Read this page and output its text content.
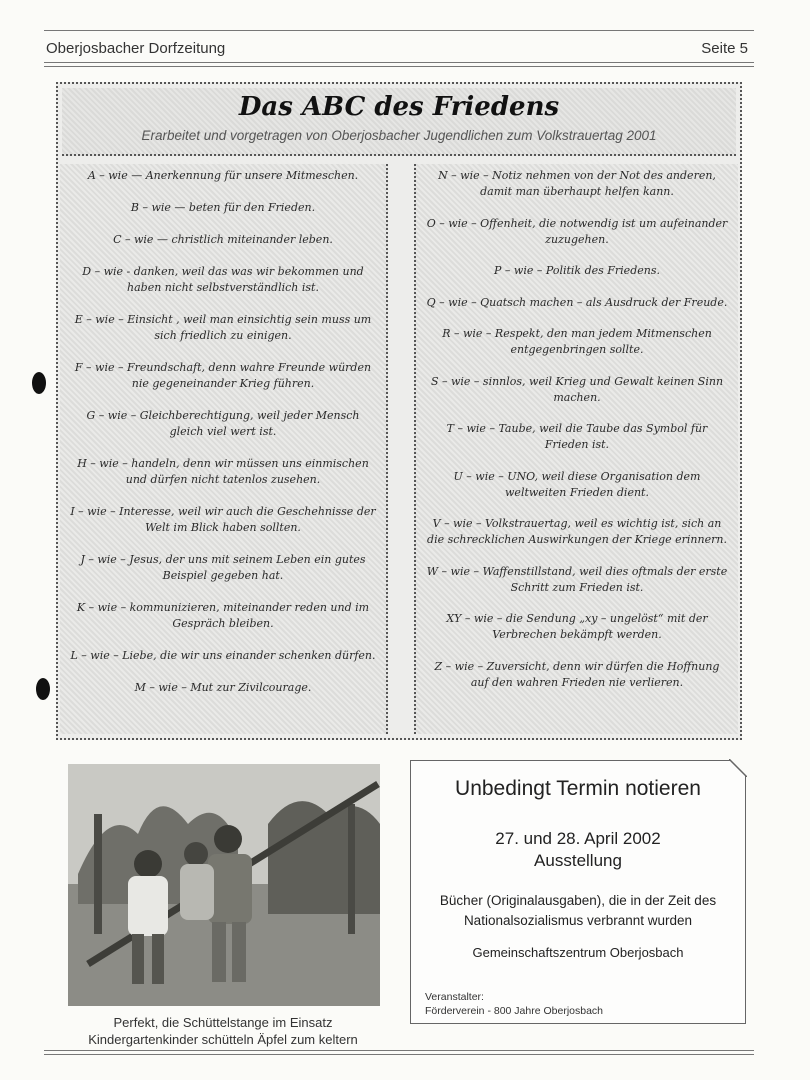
Oberjosbacher Dorfzeitung	Seite 5
Das ABC des Friedens
Erarbeitet und vorgetragen von Oberjosbacher Jugendlichen zum Volkstrauertag 2001
A – wie — Anerkennung für unsere Mitmeschen.
B – wie — beten für den Frieden.
C – wie — christlich miteinander leben.
D – wie - danken, weil das was wir bekommen und haben nicht selbstverständlich ist.
E – wie – Einsicht , weil man einsichtig sein muss um sich friedlich zu einigen.
F – wie – Freundschaft, denn wahre Freunde würden nie gegeneinander Krieg führen.
G – wie – Gleichberechtigung, weil jeder Mensch gleich viel wert ist.
H – wie – handeln, denn wir müssen uns einmischen und dürfen nicht tatenlos zusehen.
I – wie – Interesse, weil wir auch die Geschehnisse der Welt im Blick haben sollten.
J – wie – Jesus, der uns mit seinem Leben ein gutes Beispiel gegeben hat.
K – wie – kommunizieren, miteinander reden und im Gespräch bleiben.
L – wie – Liebe, die wir uns einander schenken dürfen.
M – wie – Mut zur Zivilcourage.
N – wie – Notiz nehmen von der Not des anderen, damit man überhaupt helfen kann.
O – wie – Offenheit, die notwendig ist um aufeinander zuzugehen.
P – wie – Politik des Friedens.
Q – wie – Quatsch machen – als Ausdruck der Freude.
R – wie – Respekt, den man jedem Mitmenschen entgegenbringen sollte.
S – wie – sinnlos, weil Krieg und Gewalt keinen Sinn machen.
T – wie – Taube, weil die Taube das Symbol für Frieden ist.
U – wie – UNO, weil diese Organisation dem weltweiten Frieden dient.
V – wie – Volkstrauertag, weil es wichtig ist, sich an die schrecklichen Auswirkungen der Kriege erinnern.
W – wie – Waffenstillstand, weil dies oftmals der erste Schritt zum Frieden ist.
XY – wie – die Sendung „xy – ungelöst“ mit der Verbrechen bekämpft werden.
Z – wie – Zuversicht, denn wir dürfen die Hoffnung auf den wahren Frieden nie verlieren.
Perfekt, die Schüttelstange im Einsatz
Kindergartenkinder schütteln Äpfel zum keltern
Unbedingt Termin notieren
27. und 28. April 2002
Ausstellung
Bücher (Originalausgaben), die in der Zeit des Nationalsozialismus verbrannt wurden
Gemeinschaftszentrum Oberjosbach
Veranstalter:
Förderverein - 800 Jahre Oberjosbach
